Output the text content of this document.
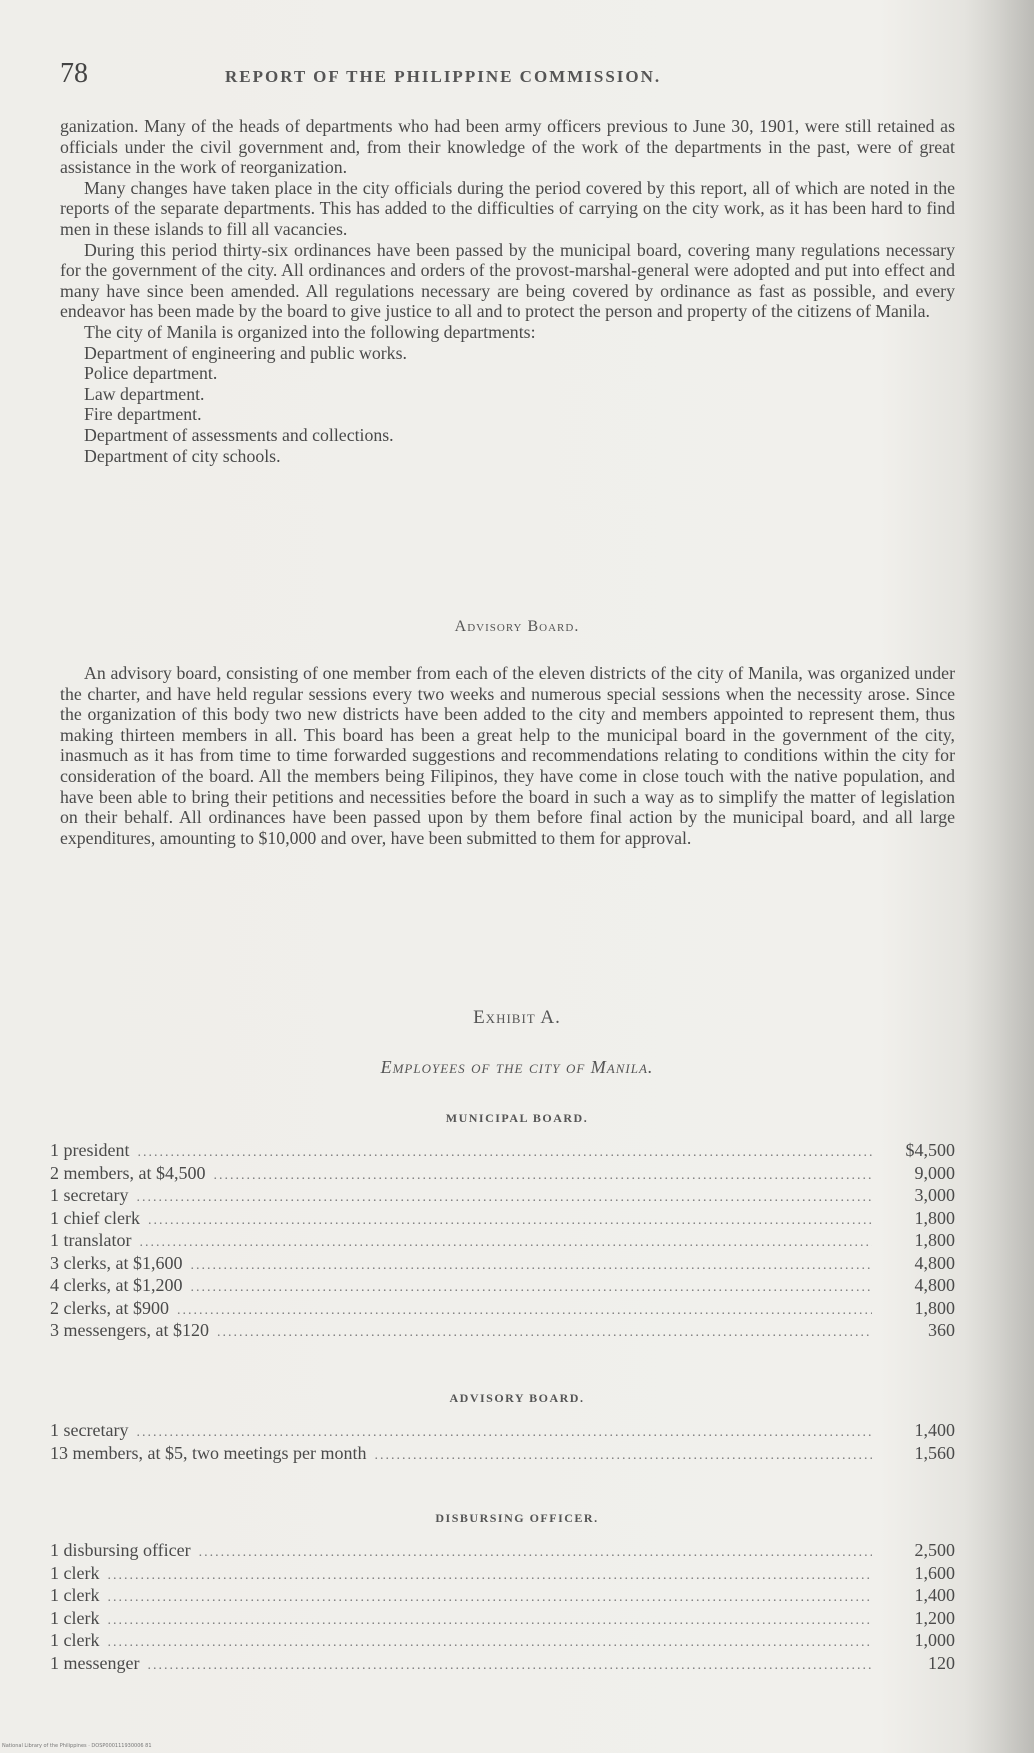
78	REPORT OF THE PHILIPPINE COMMISSION.

ganization. Many of the heads of departments who had been army officers previous to June 30, 1901, were still retained as officials under the civil government and, from their knowledge of the work of the departments in the past, were of great assistance in the work of reorganization.

Many changes have taken place in the city officials during the period covered by this report, all of which are noted in the reports of the separate departments. This has added to the difficulties of carrying on the city work, as it has been hard to find men in these islands to fill all vacancies.

During this period thirty-six ordinances have been passed by the municipal board, covering many regulations necessary for the government of the city. All ordinances and orders of the provost-marshal-general were adopted and put into effect and many have since been amended. All regulations necessary are being covered by ordinance as fast as possible, and every endeavor has been made by the board to give justice to all and to protect the person and property of the citizens of Manila.

The city of Manila is organized into the following departments:

Department of engineering and public works.
Police department.
Law department.
Fire department.
Department of assessments and collections.
Department of city schools.
Advisory Board.

An advisory board, consisting of one member from each of the eleven districts of the city of Manila, was organized under the charter, and have held regular sessions every two weeks and numerous special sessions when the necessity arose. Since the organization of this body two new districts have been added to the city and members appointed to represent them, thus making thirteen members in all. This board has been a great help to the municipal board in the government of the city, inasmuch as it has from time to time forwarded suggestions and recommendations relating to conditions within the city for consideration of the board. All the members being Filipinos, they have come in close touch with the native population, and have been able to bring their petitions and necessities before the board in such a way as to simplify the matter of legislation on their behalf. All ordinances have been passed upon by them before final action by the municipal board, and all large expenditures, amounting to $10,000 and over, have been submitted to them for approval.

Exhibit A.
Employees of the city of Manila.
MUNICIPAL BOARD.
1 president .....	$4,500
2 members, at $4,500 .....	9,000
1 secretary .....	3,000
1 chief clerk .....	1,800
1 translator .....	1,800
3 clerks, at $1,600 .....	4,800
4 clerks, at $1,200 .....	4,800
2 clerks, at $900 .....	1,800
3 messengers, at $120 .....	360
ADVISORY BOARD.
1 secretary .....	1,400
13 members, at $5, two meetings per month .....	1,560
DISBURSING OFFICER.
1 disbursing officer .....	2,500
1 clerk .....	1,600
1 clerk .....	1,400
1 clerk .....	1,200
1 clerk .....	1,000
1 messenger .....	120
National Library of the Philippines · DOSP000111930006 81
